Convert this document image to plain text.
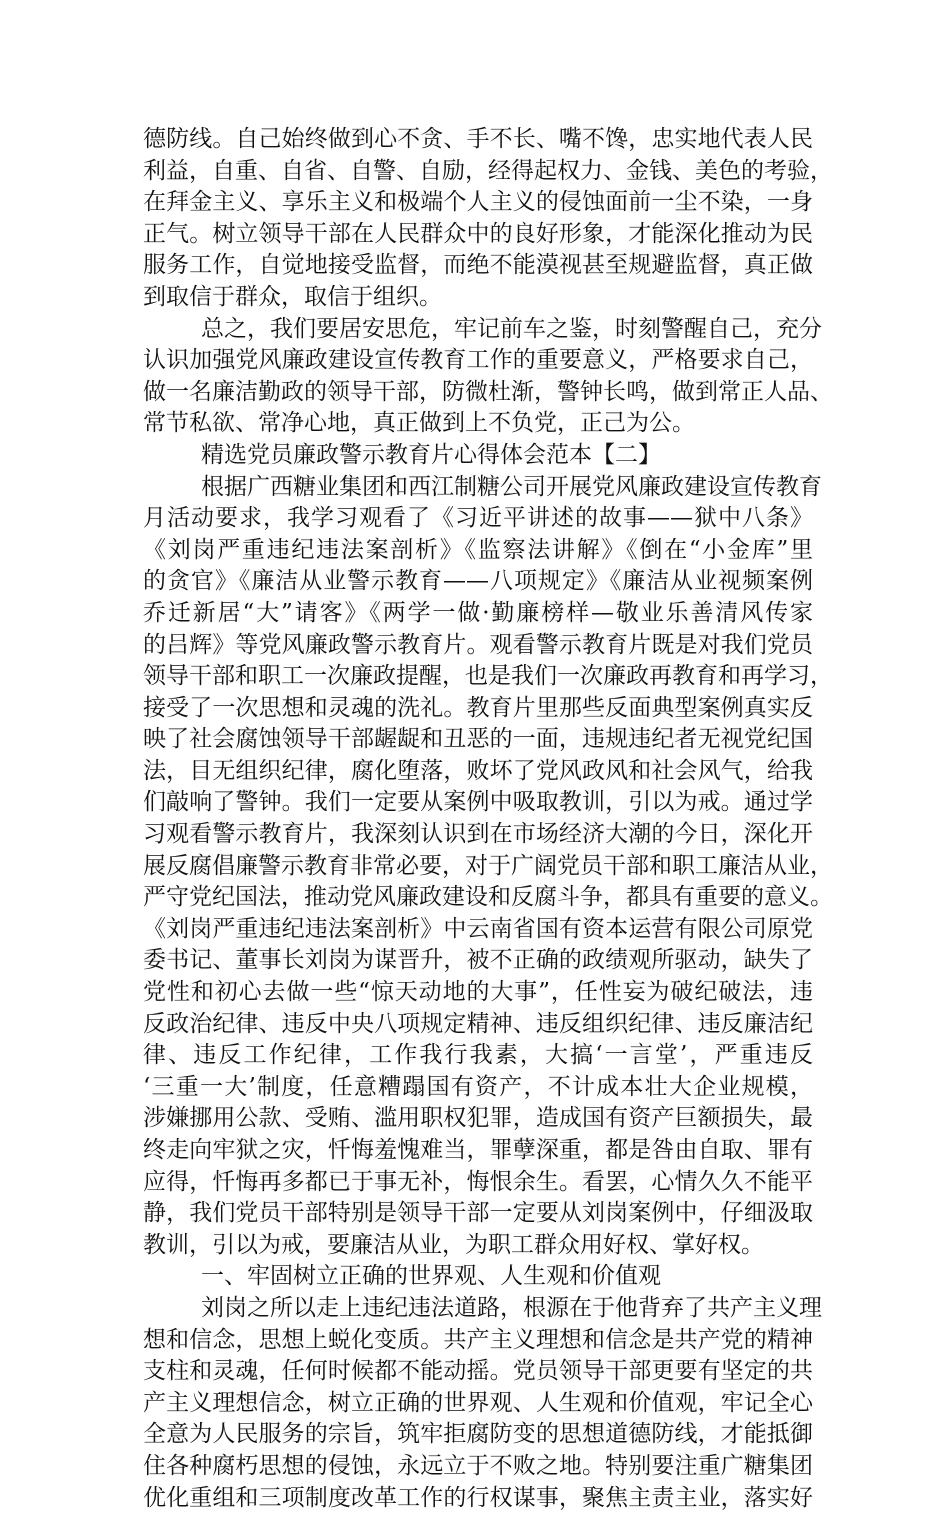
德防线。自己始终做到心不贪、手不长、嘴不馋，忠实地代表人民
利益，自重、自省、自警、自励，经得起权力、金钱、美色的考验，
在拜金主义、享乐主义和极端个人主义的侵蚀面前一尘不染，一身
正气。树立领导干部在人民群众中的良好形象，才能深化推动为民
服务工作，自觉地接受监督，而绝不能漠视甚至规避监督，真正做
到取信于群众，取信于组织。
总之，我们要居安思危，牢记前车之鉴，时刻警醒自己，充分
认识加强党风廉政建设宣传教育工作的重要意义，严格要求自己，
做一名廉洁勤政的领导干部，防微杜渐，警钟长鸣，做到常正人品、
常节私欲、常净心地，真正做到上不负党，正己为公。
精选党员廉政警示教育片心得体会范本【二】
根据广西糖业集团和西江制糖公司开展党风廉政建设宣传教育
月活动要求，我学习观看了《习近平讲述的故事——狱中八条》
《刘岗严重违纪违法案剖析》《监察法讲解》《倒在“小金库”里
的贪官》《廉洁从业警示教育——八项规定》《廉洁从业视频案例
乔迁新居“大”请客》《两学一做·勤廉榜样—敬业乐善清风传家
的吕辉》等党风廉政警示教育片。观看警示教育片既是对我们党员
领导干部和职工一次廉政提醒，也是我们一次廉政再教育和再学习，
接受了一次思想和灵魂的洗礼。教育片里那些反面典型案例真实反
映了社会腐蚀领导干部龌龊和丑恶的一面，违规违纪者无视党纪国
法，目无组织纪律，腐化堕落，败坏了党风政风和社会风气，给我
们敲响了警钟。我们一定要从案例中吸取教训，引以为戒。通过学
习观看警示教育片，我深刻认识到在市场经济大潮的今日，深化开
展反腐倡廉警示教育非常必要，对于广阔党员干部和职工廉洁从业，
严守党纪国法，推动党风廉政建设和反腐斗争，都具有重要的意义。
《刘岗严重违纪违法案剖析》中云南省国有资本运营有限公司原党
委书记、董事长刘岗为谋晋升，被不正确的政绩观所驱动，缺失了
党性和初心去做一些“惊天动地的大事”，任性妄为破纪破法，违
反政治纪律、违反中央八项规定精神、违反组织纪律、违反廉洁纪
律、违反工作纪律，工作我行我素，大搞‘一言堂’，严重违反
‘三重一大’制度，任意糟蹋国有资产，不计成本壮大企业规模，
涉嫌挪用公款、受贿、滥用职权犯罪，造成国有资产巨额损失，最
终走向牢狱之灾，忏悔羞愧难当，罪孽深重，都是咎由自取、罪有
应得，忏悔再多都已于事无补，悔恨余生。看罢，心情久久不能平
静，我们党员干部特别是领导干部一定要从刘岗案例中，仔细汲取
教训，引以为戒，要廉洁从业，为职工群众用好权、掌好权。
一、牢固树立正确的世界观、人生观和价值观
刘岗之所以走上违纪违法道路，根源在于他背弃了共产主义理
想和信念，思想上蜕化变质。共产主义理想和信念是共产党的精神
支柱和灵魂，任何时候都不能动摇。党员领导干部更要有坚定的共
产主义理想信念，树立正确的世界观、人生观和价值观，牢记全心
全意为人民服务的宗旨，筑牢拒腐防变的思想道德防线，才能抵御
住各种腐朽思想的侵蚀，永远立于不败之地。特别要注重广糖集团
优化重组和三项制度改革工作的行权谋事，聚焦主责主业，落实好
